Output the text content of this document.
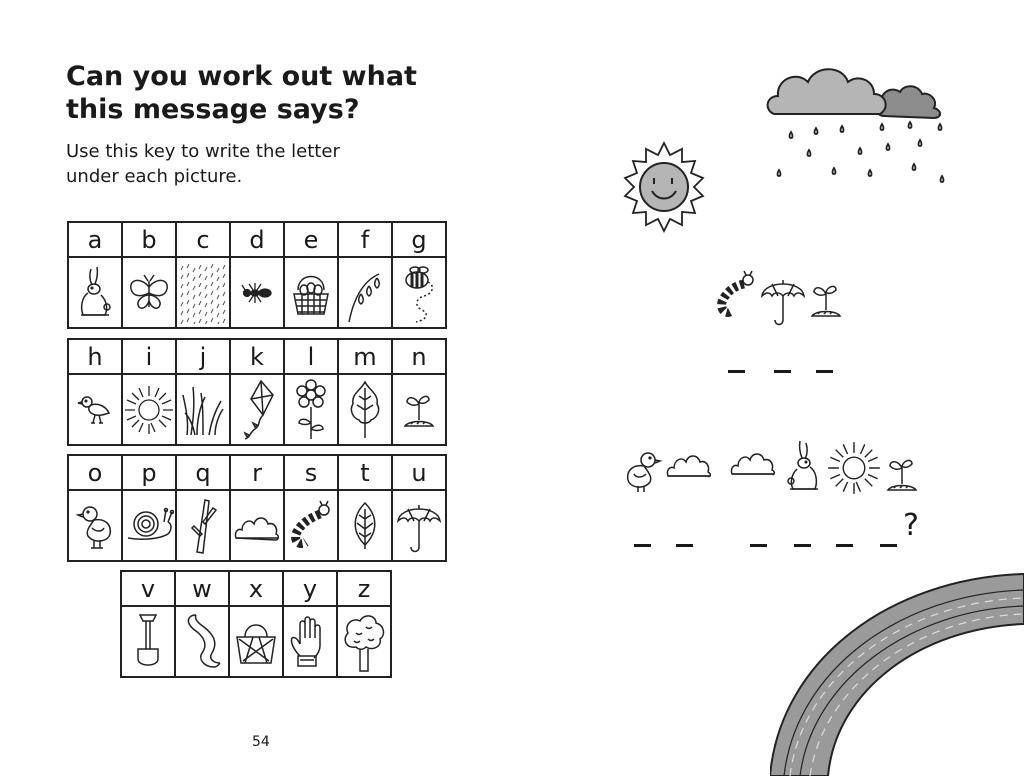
Can you work out what this message says?

Use this key to write the letter under each picture.

a	b	c	d	e	f	g

h	i	j	k	l	m	n

o	p	q	r	s	t	u

v	w	x	y	z

54
?
